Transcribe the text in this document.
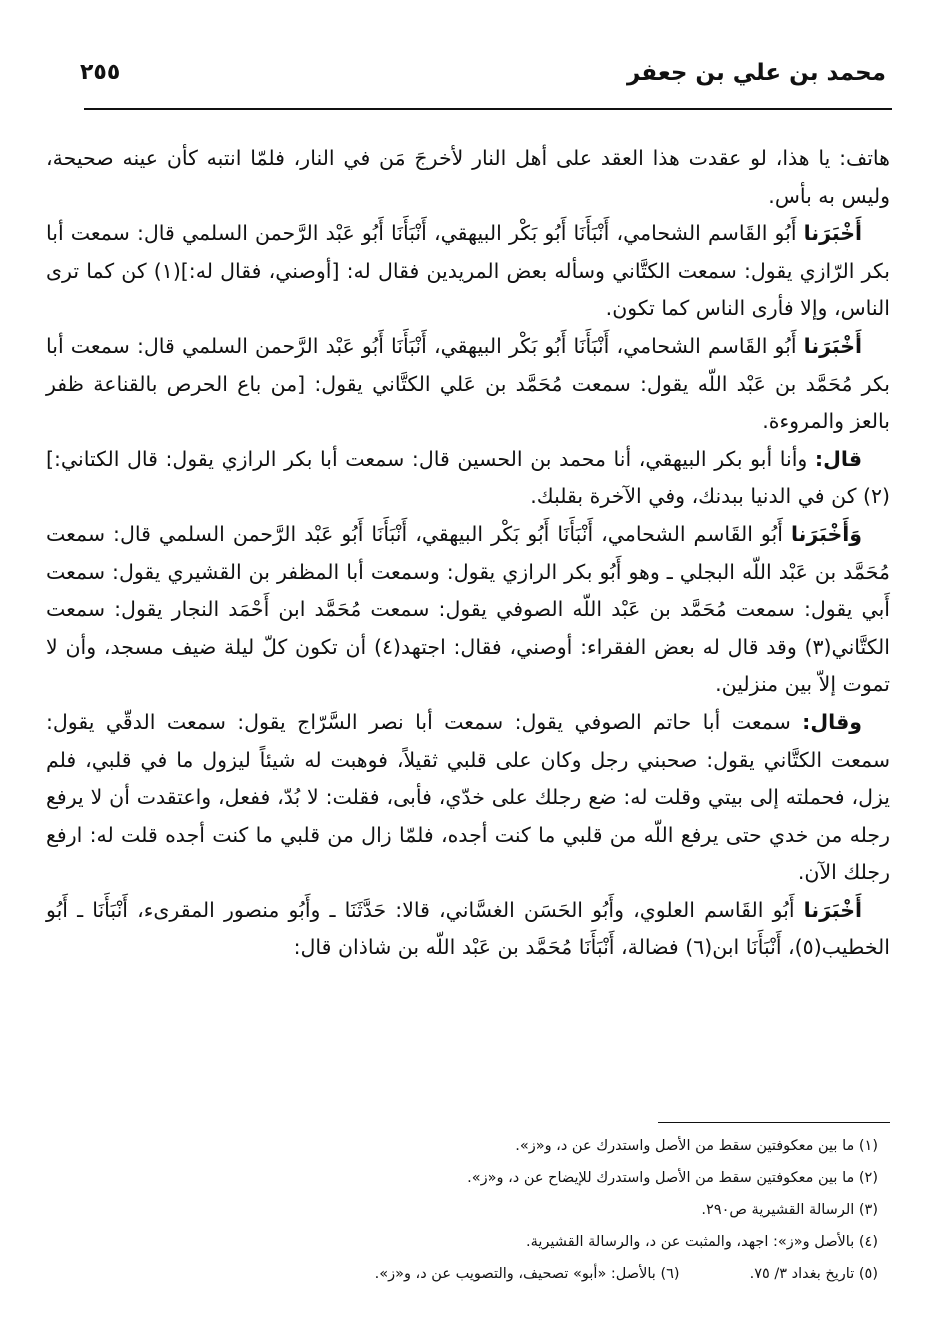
محمد بن علي بن جعفر
٢٥٥

هاتف: يا هذا، لو عقدت هذا العقد على أهل النار لأخرجَ مَن في النار، فلمّا انتبه كأن عينه صحيحة، وليس به بأس.

أَخْبَرَنا أَبُو القَاسم الشحامي، أَنْبَأَنَا أَبُو بَكْر البيهقي، أَنْبَأَنَا أَبُو عَبْد الرَّحمن السلمي قال: سمعت أبا بكر الرّازي يقول: سمعت الكتَّاني وسأله بعض المريدين فقال له: [أوصني، فقال له:](١) كن كما ترى الناس، وإلا فأرى الناس كما تكون.

أَخْبَرَنا أَبُو القَاسم الشحامي، أَنْبَأَنَا أَبُو بَكْر البيهقي، أَنْبَأَنَا أَبُو عَبْد الرَّحمن السلمي قال: سمعت أبا بكر مُحَمَّد بن عَبْد اللّه يقول: سمعت مُحَمَّد بن عَلي الكتَّاني يقول: [من باع الحرص بالقناعة ظفر بالعز والمروءة.

قال: وأنا أبو بكر البيهقي، أنا محمد بن الحسين قال: سمعت أبا بكر الرازي يقول: قال الكتاني:](٢) كن في الدنيا ببدنك، وفي الآخرة بقلبك.

وَأَخْبَرَنا أَبُو القَاسم الشحامي، أَنْبَأَنَا أَبُو بَكْر البيهقي، أَنْبَأَنَا أَبُو عَبْد الرَّحمن السلمي قال: سمعت مُحَمَّد بن عَبْد اللّه البجلي ـ وهو أَبُو بكر الرازي يقول: وسمعت أبا المظفر بن القشيري يقول: سمعت أَبي يقول: سمعت مُحَمَّد بن عَبْد اللّه الصوفي يقول: سمعت مُحَمَّد ابن أَحْمَد النجار يقول: سمعت الكتَّاني(٣) وقد قال له بعض الفقراء: أوصني، فقال: اجتهد(٤) أن تكون كلّ ليلة ضيف مسجد، وأن لا تموت إلاّ بين منزلين.

وقال: سمعت أبا حاتم الصوفي يقول: سمعت أبا نصر السَّرّاج يقول: سمعت الدقّي يقول: سمعت الكتَّاني يقول: صحبني رجل وكان على قلبي ثقيلاً، فوهبت له شيئاً ليزول ما في قلبي، فلم يزل، فحملته إلى بيتي وقلت له: ضع رجلك على خدّي، فأبى، فقلت: لا بُدّ، ففعل، واعتقدت أن لا يرفع رجله من خدي حتى يرفع اللّه من قلبي ما كنت أجده، فلمّا زال من قلبي ما كنت أجده قلت له: ارفع رجلك الآن.

أَخْبَرَنا أَبُو القَاسم العلوي، وأَبُو الحَسَن الغسَّاني، قالا: حَدَّثَنَا ـ وأَبُو منصور المقرىء، أَنْبَأَنَا ـ أَبُو الخطيب(٥)، أَنْبَأَنَا ابن(٦) فضالة، أَنْبَأَنَا مُحَمَّد بن عَبْد اللّه بن شاذان قال:

(١) ما بين معكوفتين سقط من الأصل واستدرك عن د، و«ز».
(٢) ما بين معكوفتين سقط من الأصل واستدرك للإيضاح عن د، و«ز».
(٣) الرسالة القشيرية ص٢٩٠.
(٤) بالأصل و«ز»: اجهد، والمثبت عن د، والرسالة القشيرية.
(٥) تاريخ بغداد ٣/ ٧٥.
(٦) بالأصل: «أبو» تصحيف، والتصويب عن د، و«ز».
